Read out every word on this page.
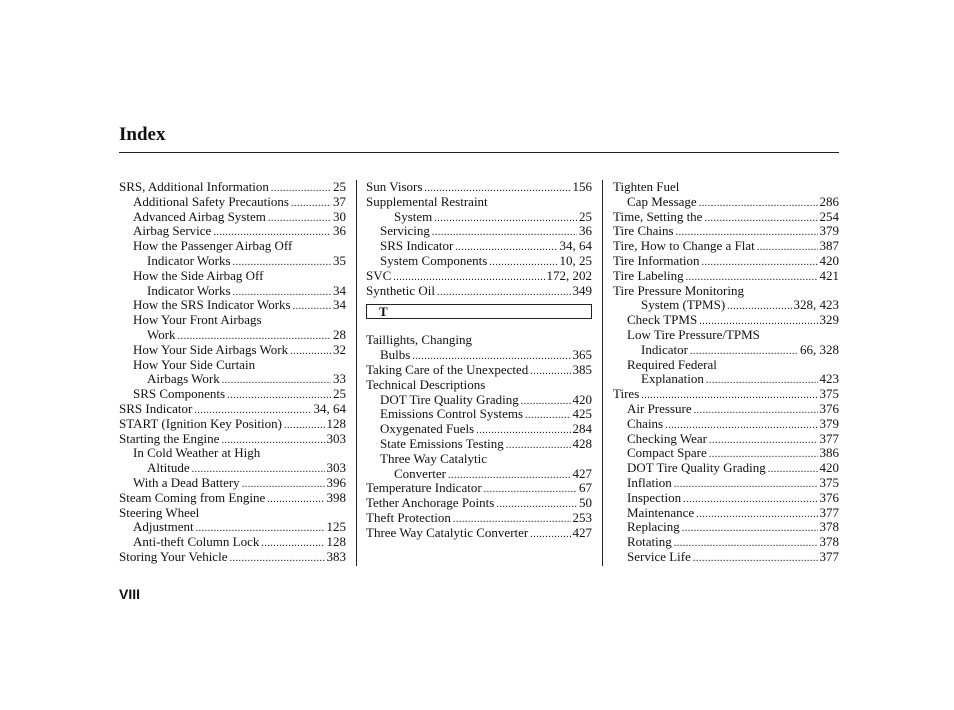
Index
SRS, Additional Information .....	25
Additional Safety Precautions .....	37
Advanced Airbag System .....	30
Airbag Service .....	36
How the Passenger Airbag Off
Indicator Works .....	35
How the Side Airbag Off
Indicator Works .....	34
How the SRS Indicator Works .....	34
How Your Front Airbags
Work .....	28
How Your Side Airbags Work .....	32
How Your Side Curtain
Airbags Work .....	33
SRS Components .....	25
SRS Indicator .....	34, 64
START (Ignition Key Position) .....	128
Starting the Engine .....	303
In Cold Weather at High
Altitude .....	303
With a Dead Battery .....	396
Steam Coming from Engine .....	398
Steering Wheel
Adjustment .....	125
Anti-theft Column Lock .....	128
Storing Your Vehicle .....	383
Sun Visors .....	156
Supplemental Restraint
System .....	25
Servicing .....	36
SRS Indicator .....	34, 64
System Components .....	10, 25
SVC .....	172, 202
Synthetic Oil .....	349
T
Taillights, Changing
Bulbs .....	365
Taking Care of the Unexpected .....	385
Technical Descriptions
DOT Tire Quality Grading .....	420
Emissions Control Systems .....	425
Oxygenated Fuels .....	284
State Emissions Testing .....	428
Three Way Catalytic
Converter .....	427
Temperature Indicator .....	67
Tether Anchorage Points .....	50
Theft Protection .....	253
Three Way Catalytic Converter .....	427
Tighten Fuel
Cap Message .....	286
Time, Setting the .....	254
Tire Chains .....	379
Tire, How to Change a Flat .....	387
Tire Information .....	420
Tire Labeling .....	421
Tire Pressure Monitoring
System (TPMS) .....	328, 423
Check TPMS .....	329
Low Tire Pressure/TPMS
Indicator .....	66, 328
Required Federal
Explanation .....	423
Tires .....	375
Air Pressure .....	376
Chains .....	379
Checking Wear .....	377
Compact Spare .....	386
DOT Tire Quality Grading .....	420
Inflation .....	375
Inspection .....	376
Maintenance .....	377
Replacing .....	378
Rotating .....	378
Service Life .....	377
VIII
